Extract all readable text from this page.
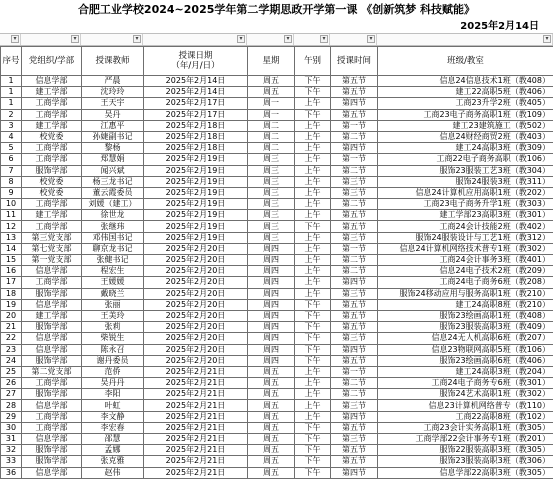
合肥工业学校2024~2025学年第二学期思政开学第一课 《创新筑梦 科技赋能》
2025年2月14日
▾	▾	▾	▾	▾	▾	▾	▾
序号	党组织/学部	授课教师	授课日期
（年/月/日）	星期	午别	授课时间	班级/教室
1	信息学部	严晨	2025年2月14日	周五	下午	第五节	信息24信息技术1班（教408）
1	建工学部	沈玲玲	2025年2月14日	周五	下午	第五节	建工22高职5班（教406）
1	工商学部	王天宇	2025年2月17日	周一	上午	第四节	工商23升学2班（教405）
2	工商学部	吴丹	2025年2月17日	周一	下午	第五节	工商23电子商务高职1班（教109）
3	建工学部	江惠平	2025年2月18日	周二	上午	第一节	建工23建筑施工（教502）
4	校党委	孙婕副书记	2025年2月18日	周二	上午	第二节	信息24财经商贸2班（教403）
5	工商学部	黎杨	2025年2月18日	周二	上午	第四节	建工24高职3班（教309）
6	工商学部	郑慧娟	2025年2月19日	周三	上午	第一节	工商22电子商务高职（教106）
7	服饰学部	闻兴斌	2025年2月19日	周三	上午	第二节	服饰23服装工艺3班（教304）
8	校党委	杨三龙书记	2025年2月19日	周三	上午	第三节	服饰24服装3班（教311）
9	校党委	董云霞委员	2025年2月19日	周三	上午	第三节	信息24计算机应用高职1班（教202）
10	工商学部	刘媛（建工）	2025年2月19日	周三	上午	第二节	工商23电子商务升学1班（教303）
11	建工学部	徐世龙	2025年2月19日	周三	上午	第五节	建工学部23高职3班（教301）
12	工商学部	张继玮	2025年2月19日	周三	下午	第五节	工商24会计技能2班（教402）
13	第三党支部	邓伟国书记	2025年2月19日	周三	上午	第三节	服饰24服装设计与工艺1班（教312）
14	第七党支部	聊京龙书记	2025年2月20日	周四	上午	第一节	信息24计算机网络技术普专1班（教302）
15	第一党支部	张健书记	2025年2月20日	周四	上午	第二节	工商24会计事务3班（教401）
16	信息学部	程宏生	2025年2月20日	周四	上午	第二节	信息24电子技术2班（教209）
17	工商学部	王媛媛	2025年2月20日	周四	上午	第四节	工商24电子商务6班（教208）
18	服饰学部	戴晓兰	2025年2月20日	周四	上午	第三节	服饰24移动应用与服务高职1班（教210）
19	信息学部	张丽	2025年2月20日	周四	下午	第五节	建工24高职8班（教210）
20	建工学部	王美玲	2025年2月20日	周四	下午	第五节	服饰23绘画高职1班（教408）
21	服饰学部	张莉	2025年2月20日	周四	下午	第五节	服饰23服装高职3班（教409）
22	信息学部	柴锐生	2025年2月20日	周四	下午	第三节	信息24无人机高职6班（教207）
23	信息学部	陈永召	2025年2月20日	周四	下午	第四节	信息23物联网高职5班（教106）
24	服饰学部	谢丹委员	2025年2月20日	周四	下午	第五节	服饰23绘画高职6班（教406）
25	第二党支部	范侨	2025年2月21日	周五	上午	第一节	建工24高职3班（教204）
26	工商学部	吴丹丹	2025年2月21日	周五	上午	第二节	工商24电子商务专6班（教301）
27	服饰学部	李阳	2025年2月21日	周五	上午	第二节	服饰24艺术高职1班（教302）
28	信息学部	叶虹	2025年2月21日	周五	上午	第三节	信息23计算机网络普专（教110）
29	工商学部	李文静	2025年2月21日	周五	上午	第四节	工商22高职8班（教102）
30	工商学部	李宏春	2025年2月21日	周五	下午	第五节	工商23会计实务高职1班（教305）
31	信息学部	邵慧	2025年2月21日	周五	下午	第三节	工商学部22会计事务专1班（教201）
32	服饰学部	孟娜	2025年2月21日	周五	下午	第五节	服饰22服装高职3班（教305）
33	服饰学部	张克雅	2025年2月21日	周五	下午	第五节	服饰23服装高职3班（教306）
36	信息学部	赵伟	2025年2月21日	周五	下午	第四节	信息学部22高职3班（教305）
